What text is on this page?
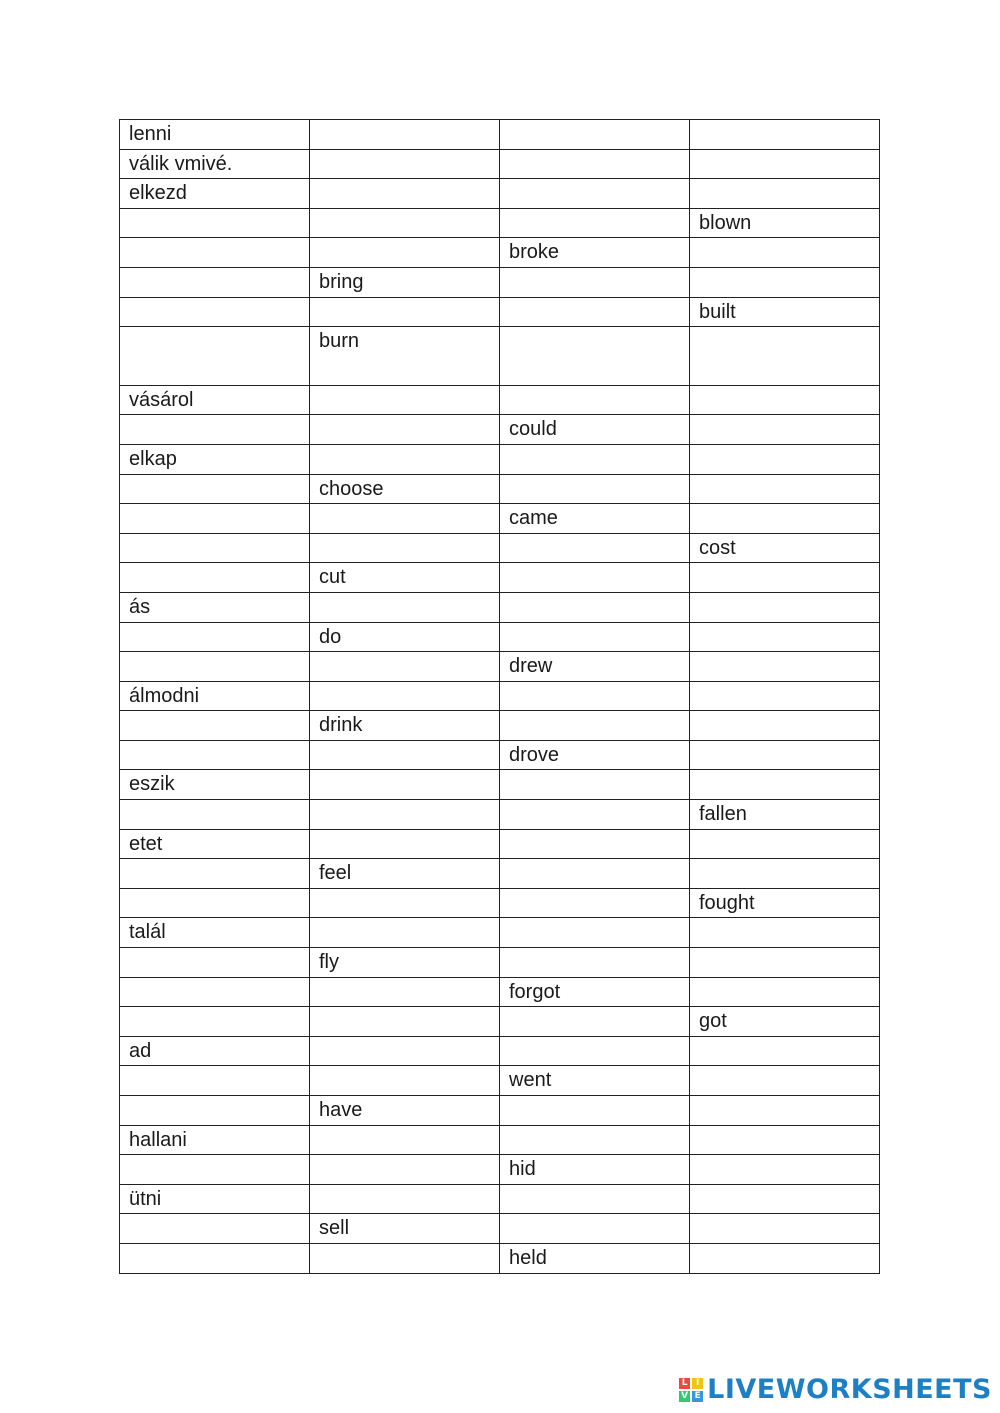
lenni			
válik vmivé.			
elkezd			
			blown
		broke	
	bring		
			built
	burn		
vásárol			
		could	
elkap			
	choose		
		came	
			cost
	cut		
ás			
	do		
		drew	
álmodni			
	drink		
		drove	
eszik			
			fallen
etet			
	feel		
			fought
talál			
	fly		
		forgot	
			got
ad			
		went	
	have		
hallani			
		hid	
ütni			
	sell		
		held	
L I
V E LIVEWORKSHEETS
